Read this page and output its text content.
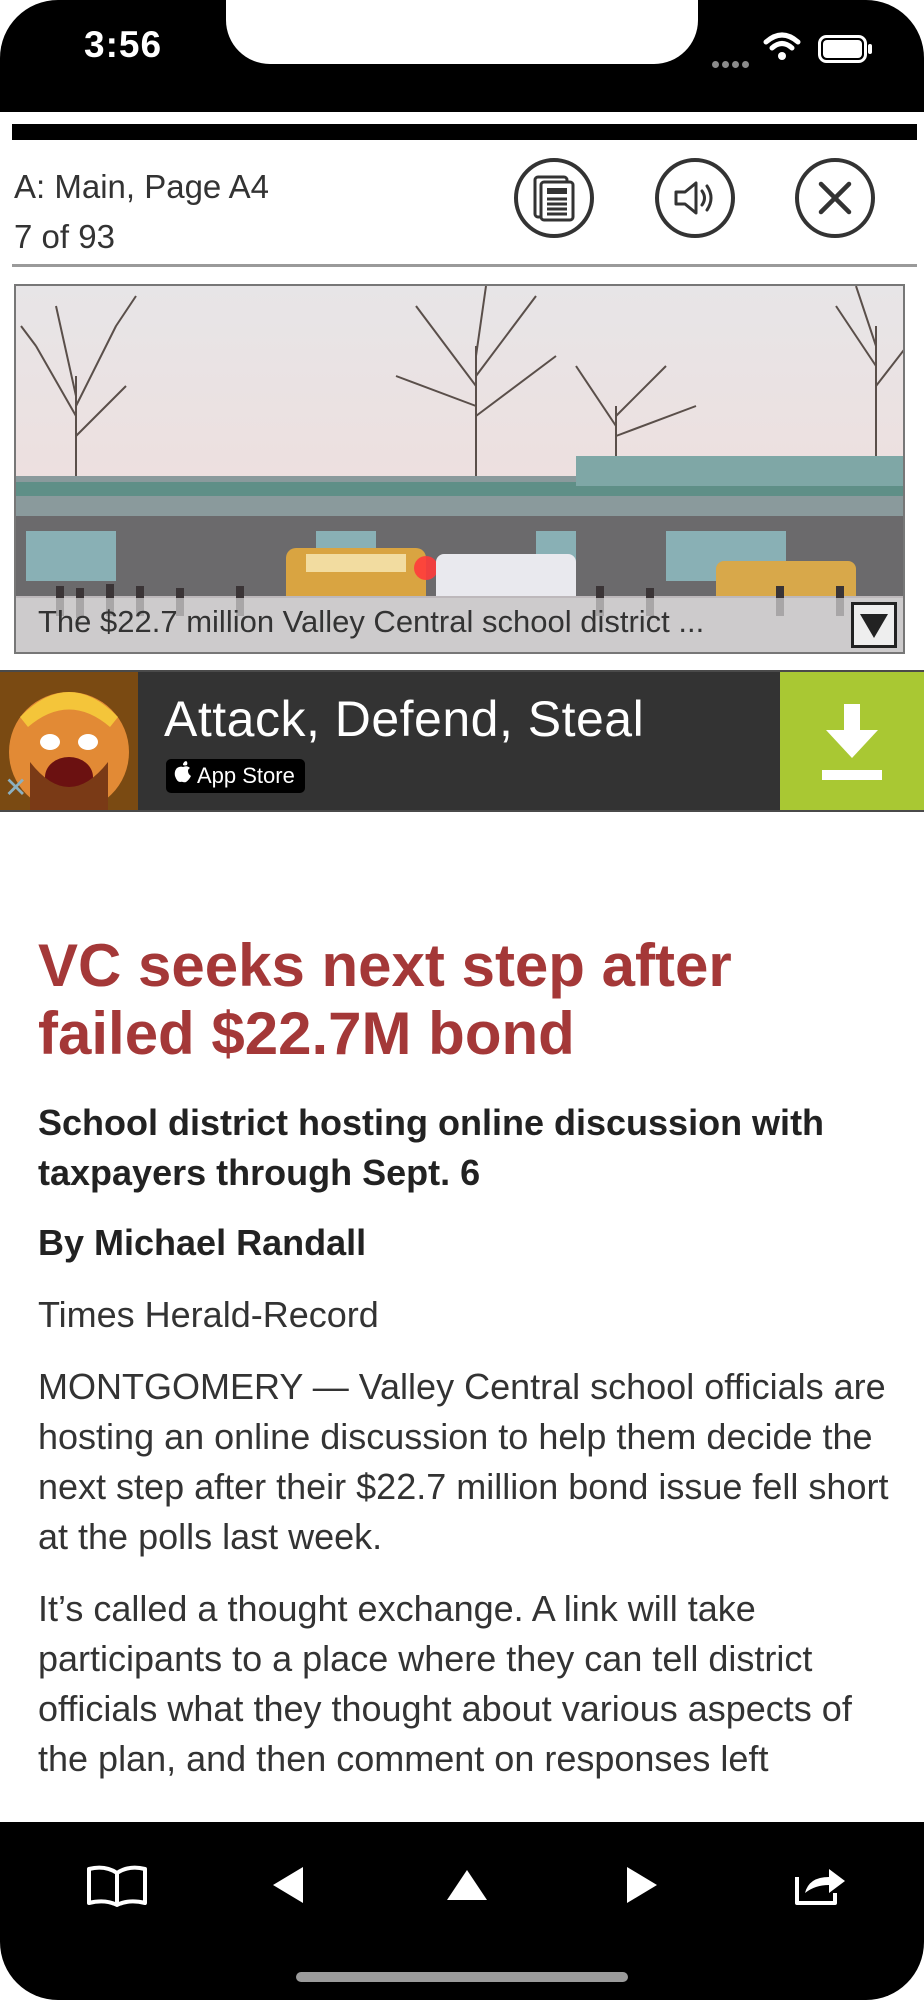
3:56
A: Main, Page A4
7 of 93
The $22.7 million Valley Central school district ...
✕
Attack, Defend, Steal
App Store
VC seeks next step after failed $22.7M bond

School district hosting online discussion with taxpayers through Sept. 6

By Michael Randall

Times Herald-Record

MONTGOMERY — Valley Central school officials are hosting an online discussion to help them decide the next step after their $22.7 million bond issue fell short at the polls last week.

It’s called a thought exchange. A link will take participants to a place where they can tell district officials what they thought about various aspects of the plan, and then comment on responses left
